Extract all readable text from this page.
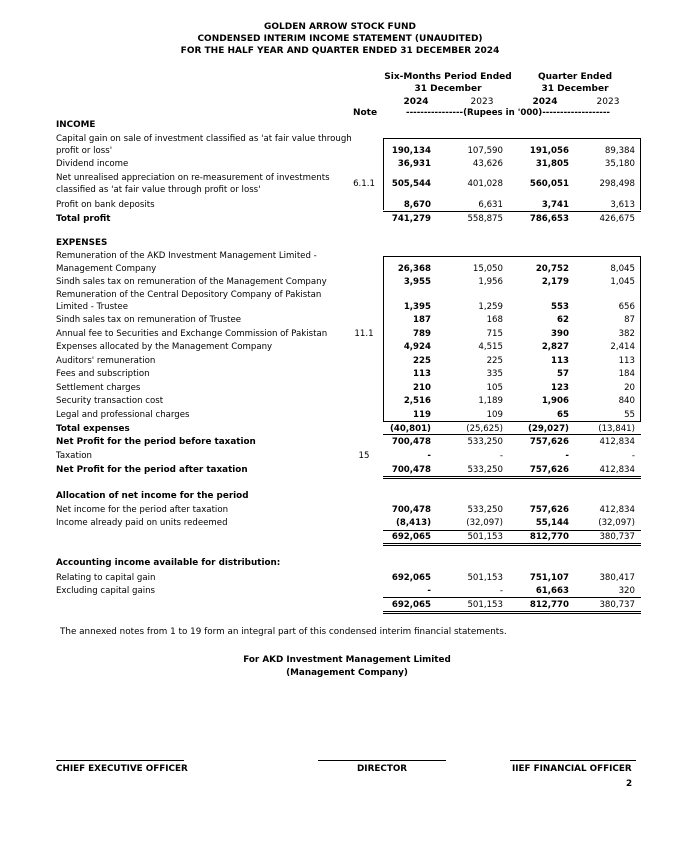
GOLDEN ARROW STOCK FUND
CONDENSED INTERIM INCOME STATEMENT (UNAUDITED)
FOR THE HALF YEAR AND QUARTER ENDED 31 DECEMBER 2024
Six-Months Period Ended
31 December
Quarter Ended
31 December
2024	2023	2024	2023
Note	----------------(Rupees in '000)-------------------
INCOME
Capital gain on sale of investment classified as 'at fair value through
profit or loss'	190,134	107,590	191,056	89,384
Dividend income	36,931	43,626	31,805	35,180
Net unrealised appreciation on re-measurement of investments
classified as 'at fair value through profit or loss'
6.1.1	505,544	401,028	560,051	298,498
Profit on bank deposits	8,670	6,631	3,741	3,613
Total profit	741,279	558,875	786,653	426,675
EXPENSES
Remuneration of the AKD Investment Management Limited -
Management Company	26,368	15,050	20,752	8,045
Sindh sales tax on remuneration of the Management Company	3,955	1,956	2,179	1,045
Remuneration of the Central Depository Company of Pakistan
Limited - Trustee	1,395	1,259	553	656
Sindh sales tax on remuneration of Trustee	187	168	62	87
Annual fee to Securities and Exchange Commission of Pakistan	11.1	789	715	390	382
Expenses allocated by the Management Company	4,924	4,515	2,827	2,414
Auditors' remuneration	225	225	113	113
Fees and subscription	113	335	57	184
Settlement charges	210	105	123	20
Security transaction cost	2,516	1,189	1,906	840
Legal and professional charges	119	109	65	55
Total expenses	(40,801)	(25,625)	(29,027)	(13,841)
Net Profit for the period before taxation	700,478	533,250	757,626	412,834
Taxation	15	-	-	-	-
Net Profit for the period after taxation	700,478	533,250	757,626	412,834
Allocation of net income for the period
Net income for the period after taxation	700,478	533,250	757,626	412,834
Income already paid on units redeemed	(8,413)	(32,097)	55,144	(32,097)
692,065	501,153	812,770	380,737
Accounting income available for distribution:
Relating to capital gain	692,065	501,153	751,107	380,417
Excluding capital gains	-	-	61,663	320
692,065	501,153	812,770	380,737
The annexed notes from 1 to 19 form an integral part of this condensed interim financial statements.
For AKD Investment Management Limited
(Management Company)
CHIEF EXECUTIVE OFFICER	DIRECTOR	IIEF FINANCIAL OFFICER
2
